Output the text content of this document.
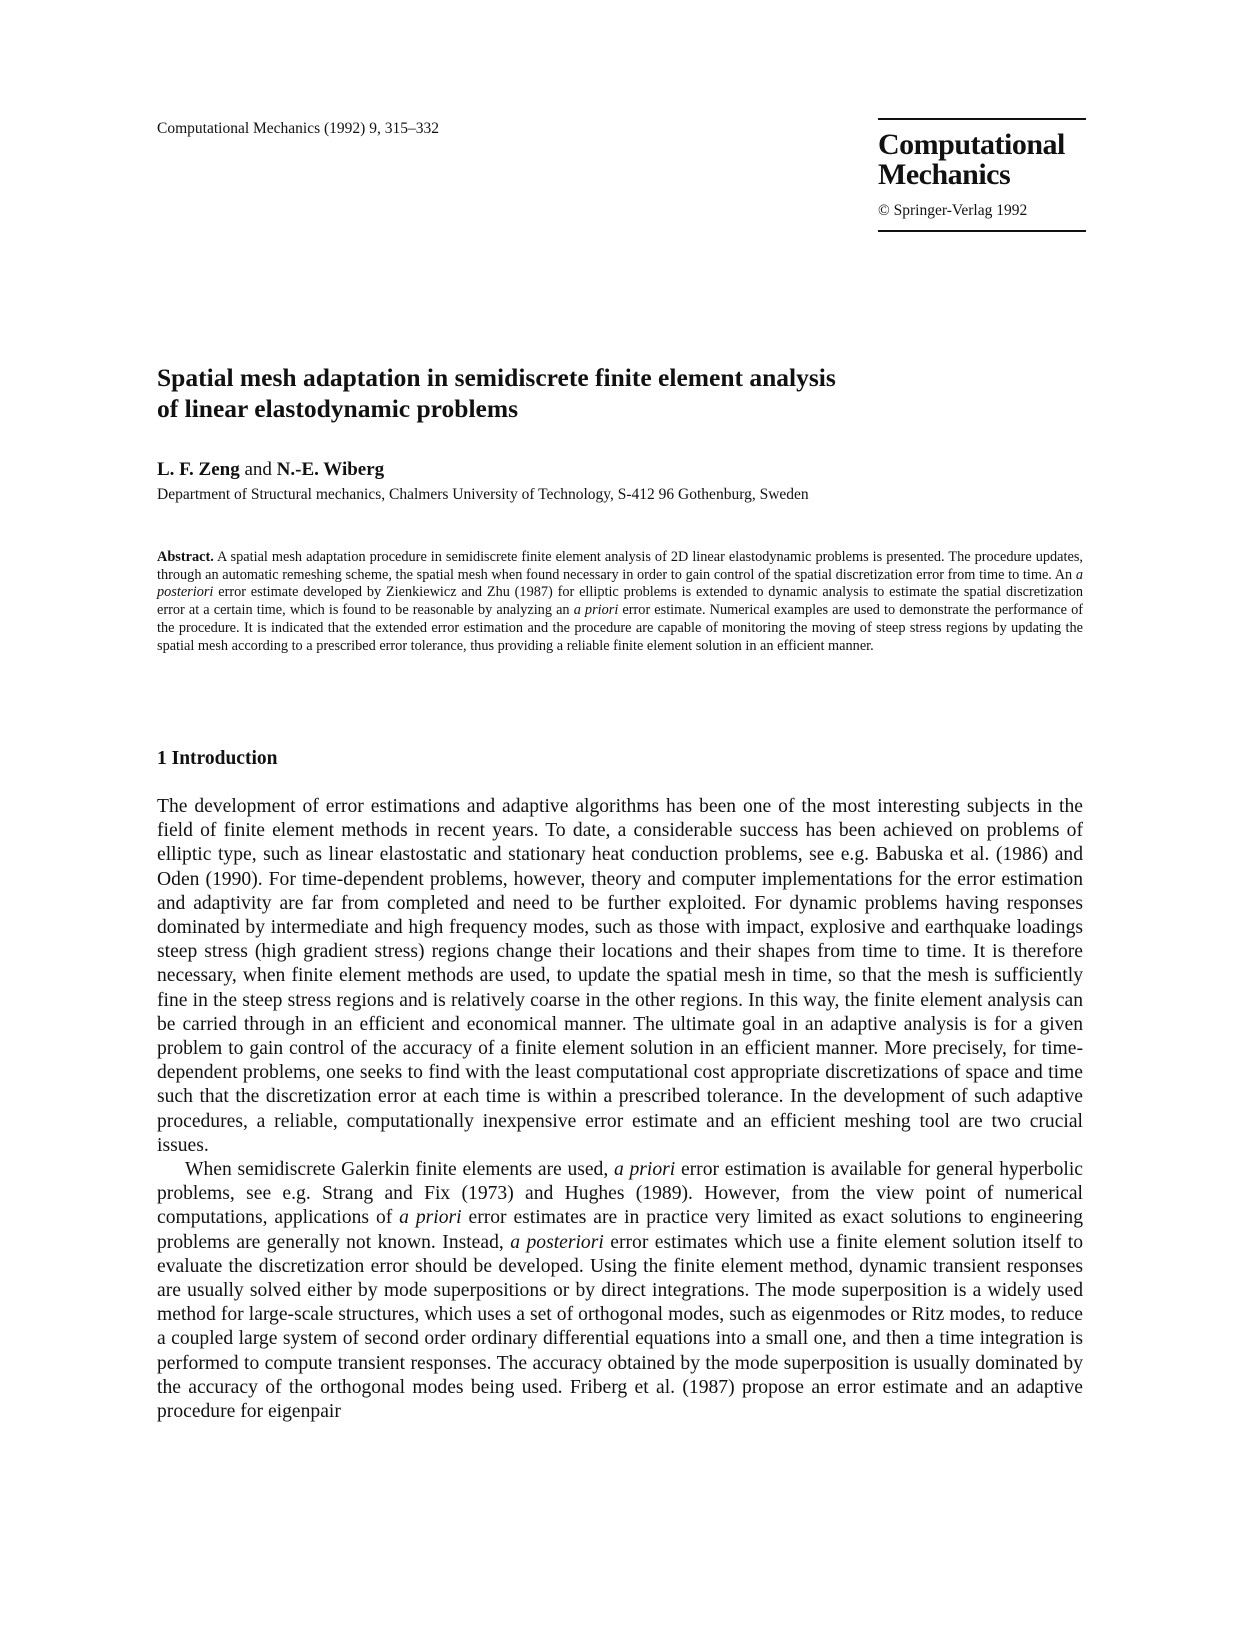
Computational Mechanics (1992) 9, 315–332	Computational
Mechanics
© Springer-Verlag 1992
Spatial mesh adaptation in semidiscrete finite element analysis
of linear elastodynamic problems
L. F. Zeng and N.-E. Wiberg
Department of Structural mechanics, Chalmers University of Technology, S-412 96 Gothenburg, Sweden
Abstract. A spatial mesh adaptation procedure in semidiscrete finite element analysis of 2D linear elastodynamic problems is presented. The procedure updates, through an automatic remeshing scheme, the spatial mesh when found necessary in order to gain control of the spatial discretization error from time to time. An a posteriori error estimate developed by Zienkiewicz and Zhu (1987) for elliptic problems is extended to dynamic analysis to estimate the spatial discretization error at a certain time, which is found to be reasonable by analyzing an a priori error estimate. Numerical examples are used to demonstrate the performance of the procedure. It is indicated that the extended error estimation and the procedure are capable of monitoring the moving of steep stress regions by updating the spatial mesh according to a prescribed error tolerance, thus providing a reliable finite element solution in an efficient manner.
1 Introduction

The development of error estimations and adaptive algorithms has been one of the most interesting subjects in the field of finite element methods in recent years. To date, a considerable success has been achieved on problems of elliptic type, such as linear elastostatic and stationary heat conduction problems, see e.g. Babuska et al. (1986) and Oden (1990). For time-dependent problems, however, theory and computer implementations for the error estimation and adaptivity are far from completed and need to be further exploited. For dynamic problems having responses dominated by intermediate and high frequency modes, such as those with impact, explosive and earthquake loadings steep stress (high gradient stress) regions change their locations and their shapes from time to time. It is therefore necessary, when finite element methods are used, to update the spatial mesh in time, so that the mesh is sufficiently fine in the steep stress regions and is relatively coarse in the other regions. In this way, the finite element analysis can be carried through in an efficient and economical manner. The ultimate goal in an adaptive analysis is for a given problem to gain control of the accuracy of a finite element solution in an efficient manner. More precisely, for time-dependent problems, one seeks to find with the least computational cost appropriate discretizations of space and time such that the discretization error at each time is within a prescribed tolerance. In the development of such adaptive procedures, a reliable, computationally inexpensive error estimate and an efficient meshing tool are two crucial issues.

When semidiscrete Galerkin finite elements are used, a priori error estimation is available for general hyperbolic problems, see e.g. Strang and Fix (1973) and Hughes (1989). However, from the view point of numerical computations, applications of a priori error estimates are in practice very limited as exact solutions to engineering problems are generally not known. Instead, a posteriori error estimates which use a finite element solution itself to evaluate the discretization error should be developed. Using the finite element method, dynamic transient responses are usually solved either by mode superpositions or by direct integrations. The mode superposition is a widely used method for large-scale structures, which uses a set of orthogonal modes, such as eigenmodes or Ritz modes, to reduce a coupled large system of second order ordinary differential equations into a small one, and then a time integration is performed to compute transient responses. The accuracy obtained by the mode superposition is usually dominated by the accuracy of the orthogonal modes being used. Friberg et al. (1987) propose an error estimate and an adaptive procedure for eigenpair
